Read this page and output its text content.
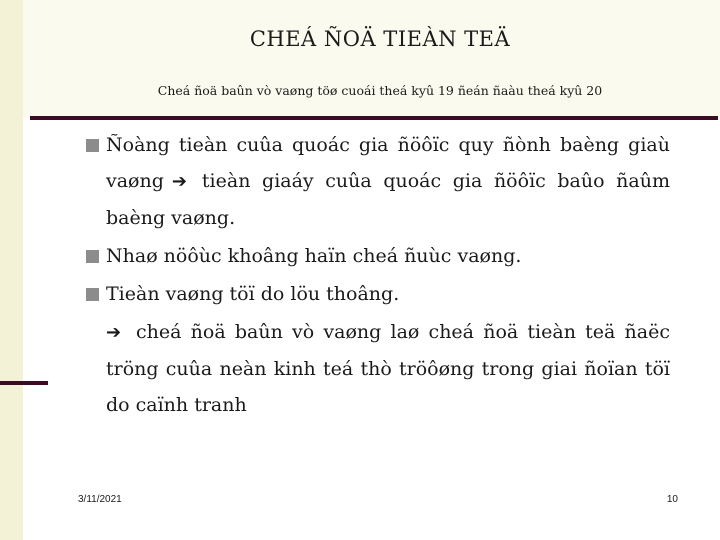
CHEÁ ÑOÄ TIEÀN TEÄ
Cheá ñoä baûn vò vaøng töø cuoái theá kyû 19 ñeán ñaàu theá kyû 20
Ñoàng tieàn cuûa quoác gia ñöôïc quy ñònh baèng giaù vaøng ➔ tieàn giaáy cuûa quoác gia ñöôïc baûo ñaûm baèng vaøng.
Nhaø nöôùc khoâng haïn cheá ñuùc vaøng.
Tieàn vaøng töï do löu thoâng.
➔ cheá ñoä baûn vò vaøng laø cheá ñoä tieàn teä ñaëc tröng cuûa neàn kinh teá thò tröôøng trong giai ñoïan töï do caïnh tranh
3/11/2021	10
